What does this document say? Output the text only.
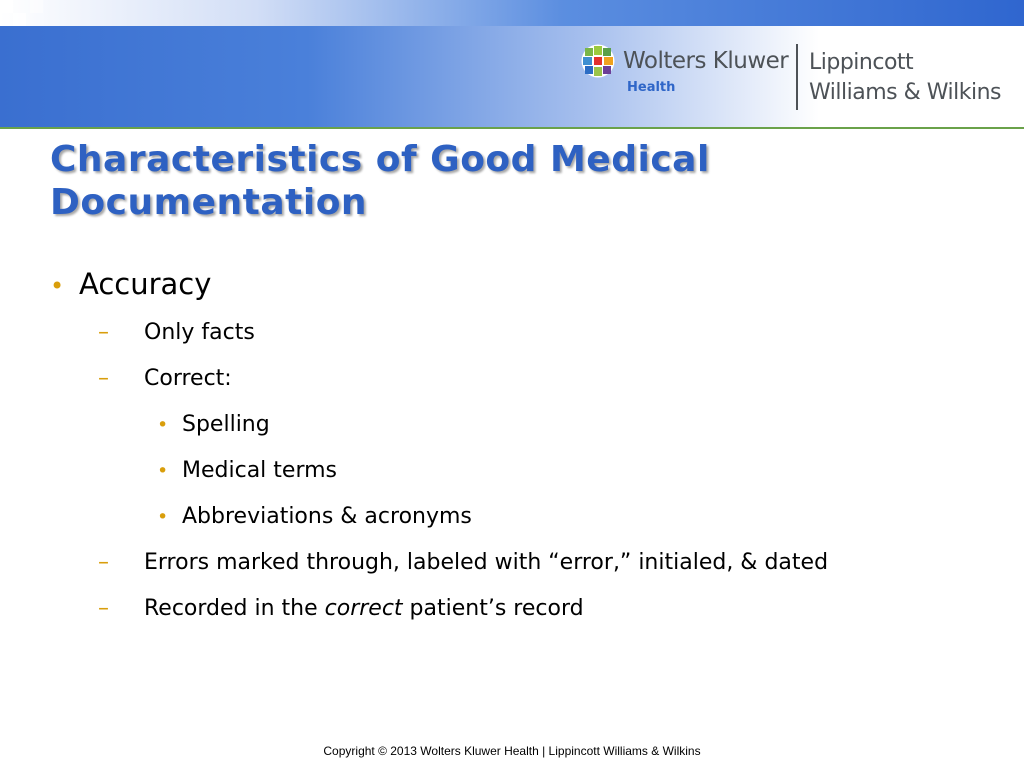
Wolters Kluwer
Health
Lippincott
Williams & Wilkins
Characteristics of Good Medical Documentation
• Accuracy
– Only facts
– Correct:
• Spelling
• Medical terms
• Abbreviations & acronyms
– Errors marked through, labeled with “error,” initialed, & dated
– Recorded in the correct patient’s record
Copyright © 2013 Wolters Kluwer Health | Lippincott Williams & Wilkins
